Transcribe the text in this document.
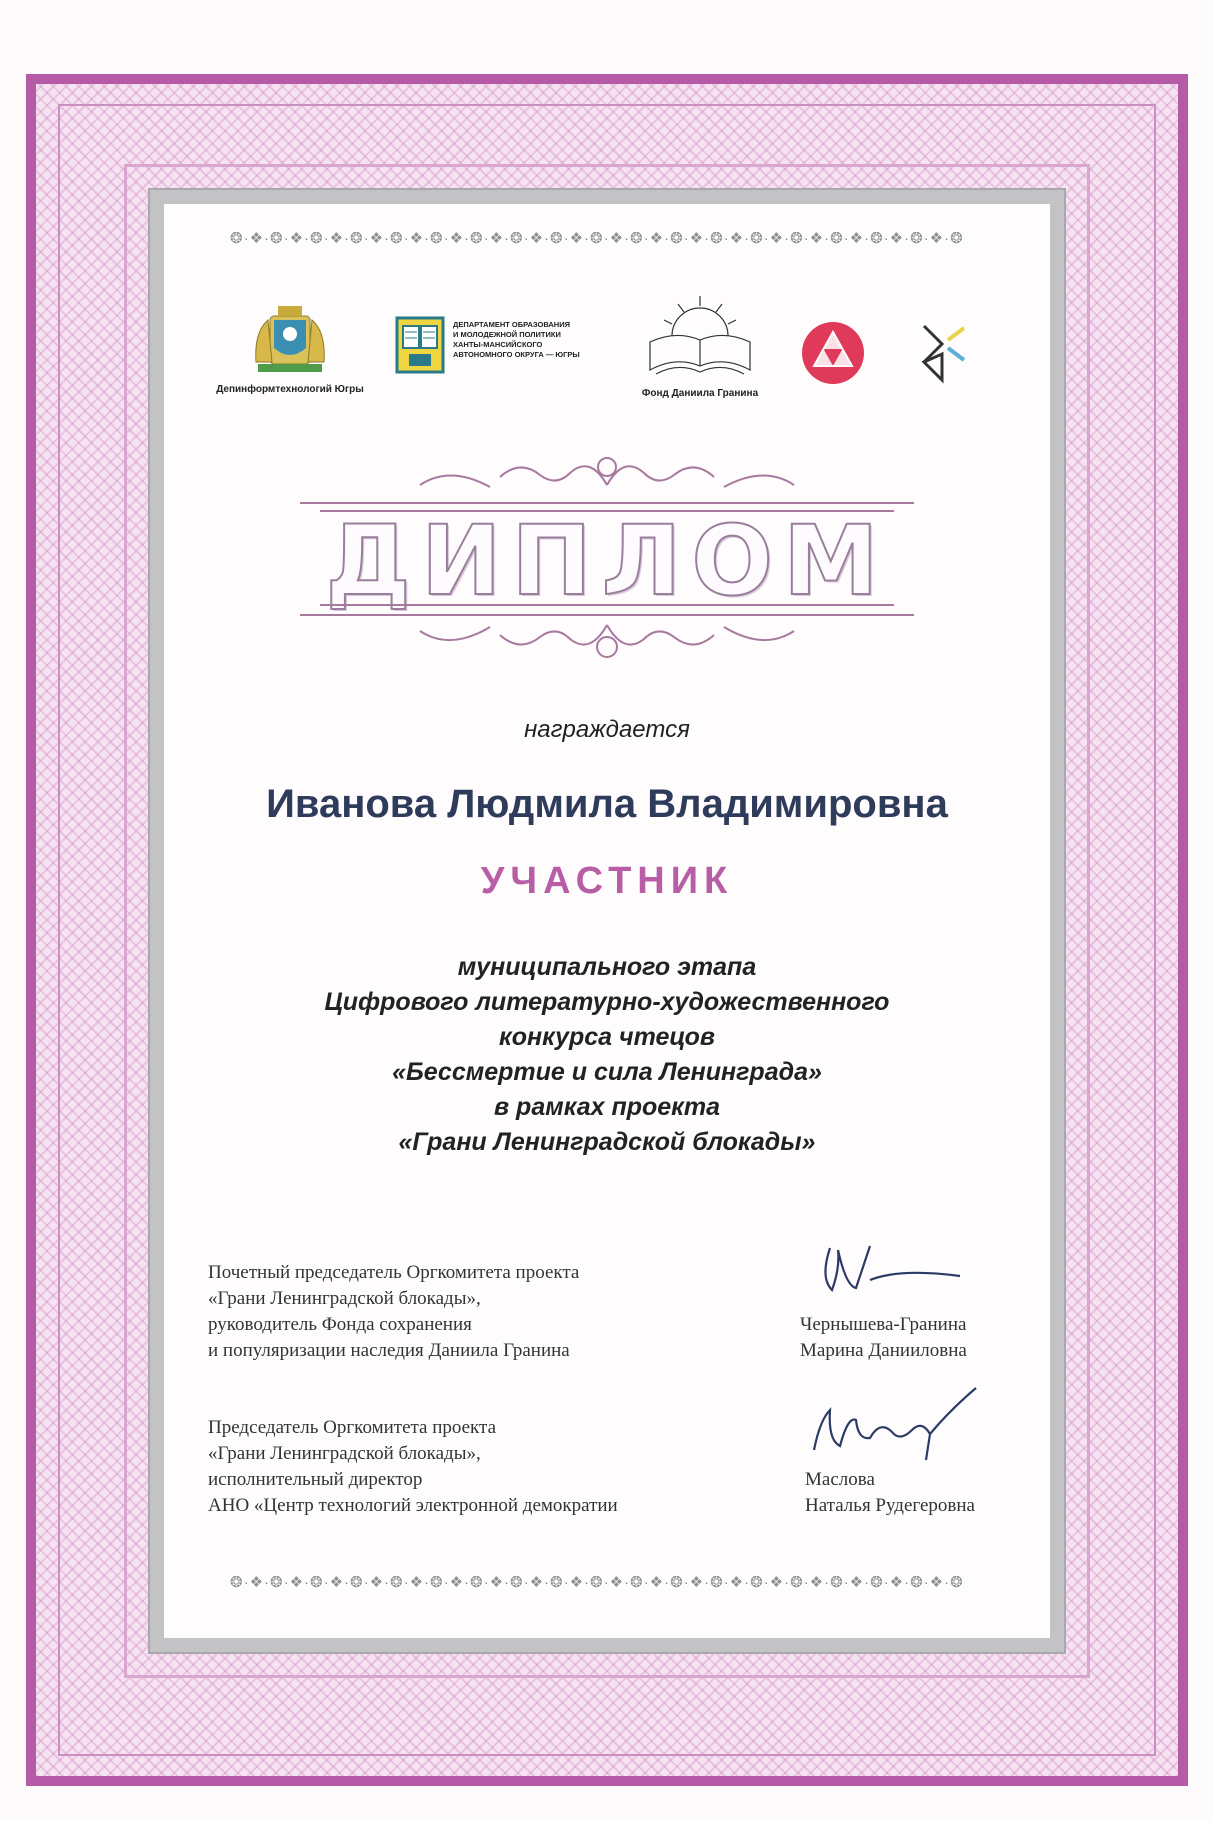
❂·❖·❂·❖·❂·❖·❂·❖·❂·❖·❂·❖·❂·❖·❂·❖·❂·❖·❂·❖·❂·❖·❂·❖·❂·❖·❂·❖·❂·❖·❂·❖·❂·❖·❂·❖·❂
❂·❖·❂·❖·❂·❖·❂·❖·❂·❖·❂·❖·❂·❖·❂·❖·❂·❖·❂·❖·❂·❖·❂·❖·❂·❖·❂·❖·❂·❖·❂·❖·❂·❖·❂·❖·❂
Депинформтехнологий Югры
ДЕПАРТАМЕНТ ОБРАЗОВАНИЯ
И МОЛОДЕЖНОЙ ПОЛИТИКИ
ХАНТЫ-МАНСИЙСКОГО
АВТОНОМНОГО ОКРУГА — ЮГРЫ
Фонд Даниила Гранина
ДИПЛОМ
награждается
Иванова Людмила Владимировна
УЧАСТНИК
муниципального этапа
Цифрового литературно-художественного
конкурса чтецов
«Бессмертие и сила Ленинграда»
в рамках проекта
«Грани Ленинградской блокады»
Почетный председатель Оргкомитета проекта
«Грани Ленинградской блокады»,
руководитель Фонда сохранения
и популяризации наследия Даниила Гранина
Чернышева-Гранина
Марина Данииловна
Председатель Оргкомитета проекта
«Грани Ленинградской блокады»,
исполнительный директор
АНО «Центр технологий электронной демократии
Маслова
Наталья Рудегеровна
